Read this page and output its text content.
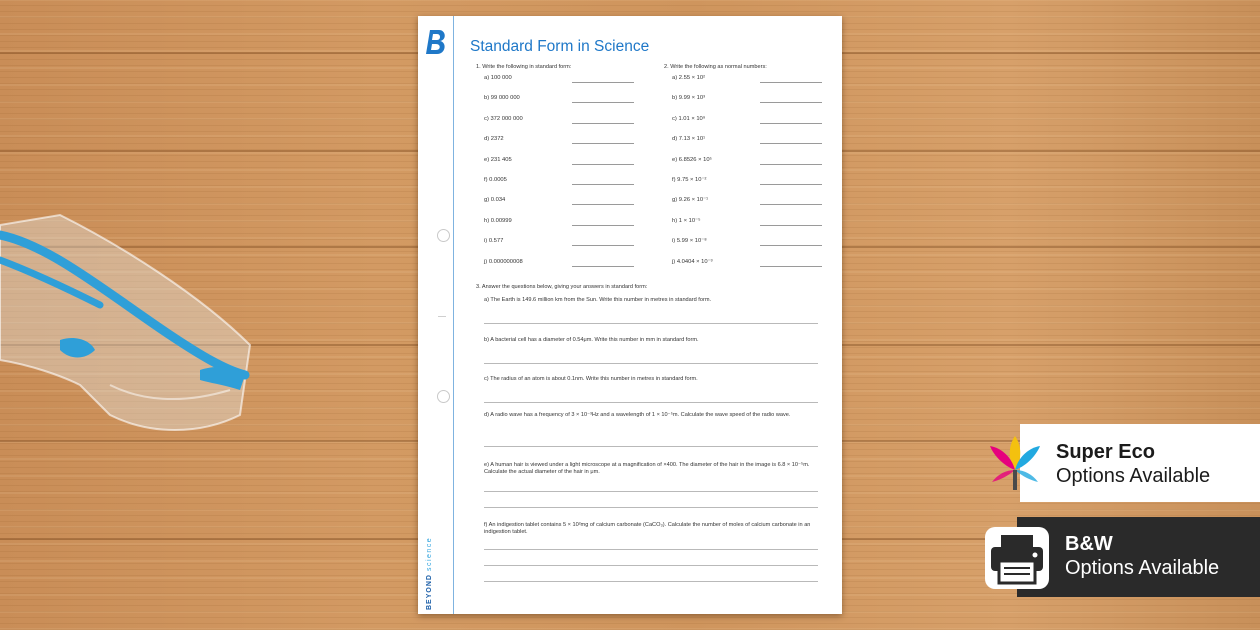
BEYONDscience
Standard Form in Science
1. Write the following in standard form:	2. Write the following as normal numbers:
a) 100 000
b) 99 000 000
c) 372 000 000
d) 2372
e) 231 405
f) 0.0005
g) 0.034
h) 0.00999
i) 0.577
j) 0.000000008
a) 2.55 × 10²
b) 9.99 × 10³
c) 1.01 × 10⁹
d) 7.13 × 10¹
e) 6.8526 × 10⁵
f) 9.75 × 10⁻²
g) 9.26 × 10⁻¹
h) 1 × 10⁻⁵
i) 5.99 × 10⁻⁸
j) 4.0404 × 10⁻³
3. Answer the questions below, giving your answers in standard form:
a) The Earth is 149.6 million km from the Sun. Write this number in metres in standard form.
b) A bacterial cell has a diameter of 0.54μm. Write this number in mm in standard form.
c) The radius of an atom is about 0.1nm. Write this number in metres in standard form.
d) A radio wave has a frequency of 3 × 10⁻³Hz and a wavelength of 1 × 10⁻⁵m. Calculate the wave speed of the radio wave.
e) A human hair is viewed under a light microscope at a magnification of ×400. The diameter of the hair in the image is 6.8 × 10⁻⁵m. Calculate the actual diameter of the hair in μm.
f) An indigestion tablet contains 5 × 10²mg of calcium carbonate (CaCO₃). Calculate the number of moles of calcium carbonate in an indigestion tablet.
Super Eco
Options Available
B&W
Options Available
